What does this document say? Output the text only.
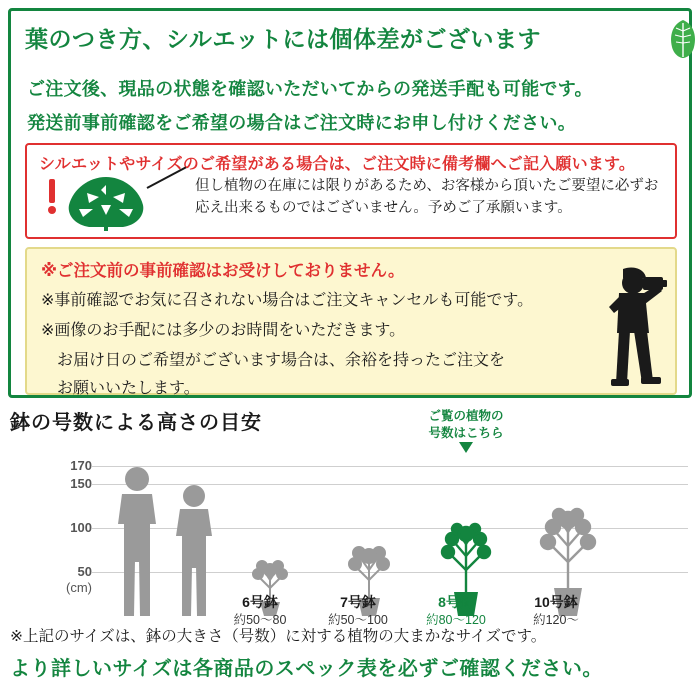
葉のつき方、シルエットには個体差がございます
ご注文後、現品の状態を確認いただいてからの発送手配も可能です。
発送前事前確認をご希望の場合はご注文時にお申し付けください。
シルエットやサイズのご希望がある場合は、ご注文時に備考欄へご記入願います。
但し植物の在庫には限りがあるため、お客様から頂いたご要望に必ずお応え出来るものではございません。予めご了承願います。
※ご注文前の事前確認はお受けしておりません。
※事前確認でお気に召されない場合はご注文キャンセルも可能です。
※画像のお手配には多少のお時間をいただきます。
お届け日のご希望がございます場合は、余裕を持ったご注文を
お願いいたします。
鉢の号数による高さの目安
170
150
100
50
(cm)
ご覧の植物の
号数はこちら
6号鉢
約50〜80
7号鉢
約50〜100
8号鉢
約80〜120
10号鉢
約120〜
※上記のサイズは、鉢の大きさ（号数）に対する植物の大まかなサイズです。
より詳しいサイズは各商品のスペック表を必ずご確認ください。
